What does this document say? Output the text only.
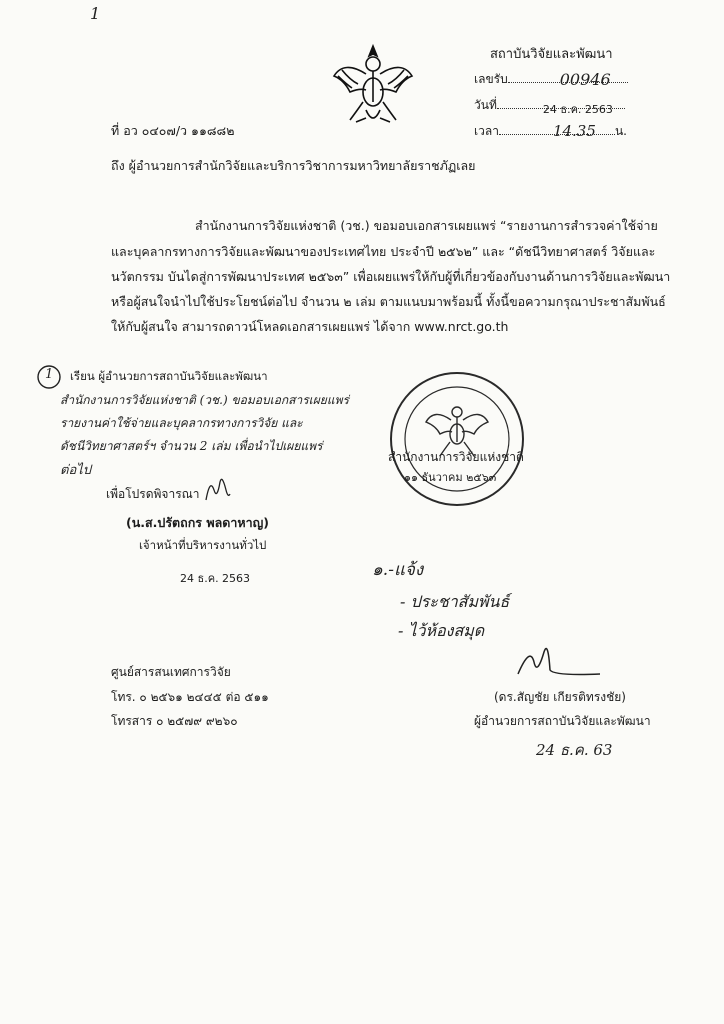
1
สถาบันวิจัยและพัฒนา
เลขรับ	00946
วันที่	24 ธ.ค. 2563
เวลา	14.35 น.
ที่ อว ๐๔๐๗/ว ๑๑๘๘๒
ถึง ผู้อำนวยการสำนักวิจัยและบริการวิชาการมหาวิทยาลัยราชภัฏเลย
สำนักงานการวิจัยแห่งชาติ (วช.) ขอมอบเอกสารเผยแพร่ “รายงานการสำรวจค่าใช้จ่าย
และบุคลากรทางการวิจัยและพัฒนาของประเทศไทย ประจำปี ๒๕๖๒” และ “ดัชนีวิทยาศาสตร์ วิจัยและ
นวัตกรรม บันไดสู่การพัฒนาประเทศ ๒๕๖๓” เพื่อเผยแพร่ให้กับผู้ที่เกี่ยวข้องกับงานด้านการวิจัยและพัฒนา
หรือผู้สนใจนำไปใช้ประโยชน์ต่อไป จำนวน ๒ เล่ม ตามแนบมาพร้อมนี้ ทั้งนี้ขอความกรุณาประชาสัมพันธ์
ให้กับผู้สนใจ สามารถดาวน์โหลดเอกสารเผยแพร่ ได้จาก www.nrct.go.th
1 เรียน ผู้อำนวยการสถาบันวิจัยและพัฒนา
สำนักงานการวิจัยแห่งชาติ (วช.) ขอมอบเอกสารเผยแพร่
รายงานค่าใช้จ่ายและบุคลากรทางการวิจัย และ
ดัชนีวิทยาศาสตร์ฯ จำนวน 2 เล่ม เพื่อนำไปเผยแพร่
ต่อไป
เพื่อโปรดพิจารณา
(น.ส.ปรัตถกร พลดาหาญ)
เจ้าหน้าที่บริหารงานทั่วไป
24 ธ.ค. 2563
สำนักงานการวิจัยแห่งชาติ
๑๑ ธันวาคม ๒๕๖๓
๑.-แจ้ง
- ประชาสัมพันธ์
- ไว้ห้องสมุด
(ดร.สัญชัย เกียรติทรงชัย)
ผู้อำนวยการสถาบันวิจัยและพัฒนา
24 ธ.ค. 63
ศูนย์สารสนเทศการวิจัย
โทร. ๐ ๒๕๖๑ ๒๔๔๕ ต่อ ๕๑๑
โทรสาร ๐ ๒๕๗๙ ๙๒๖๐
